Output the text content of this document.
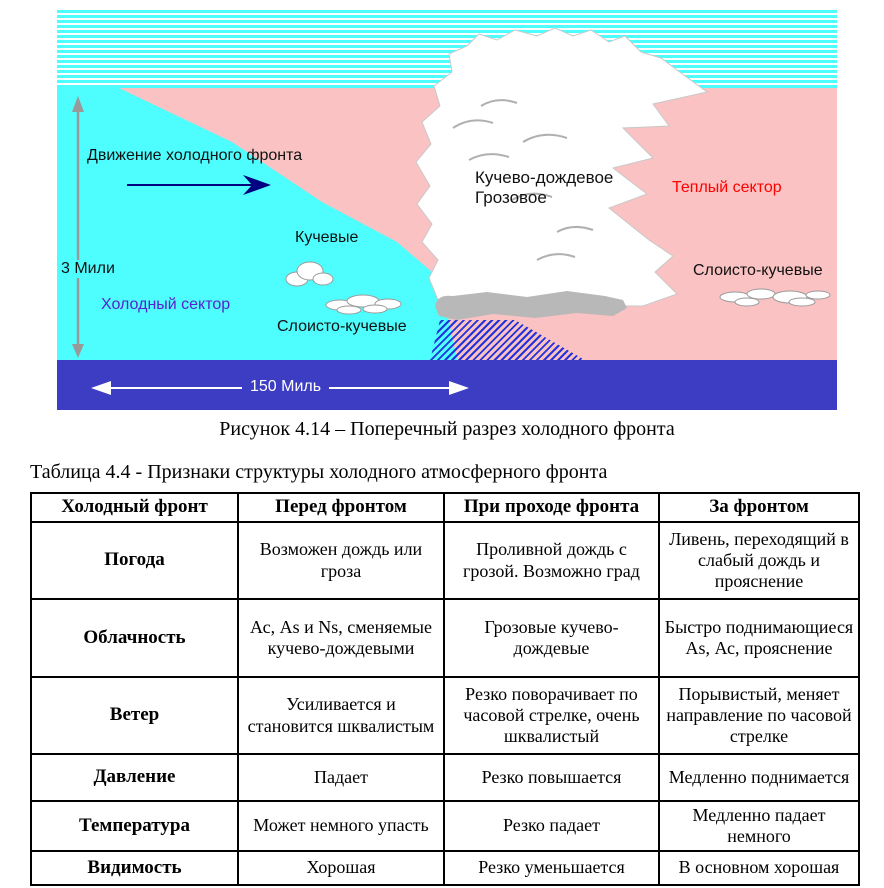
Движение холодного фронта
3 Мили
Холодный сектор
Кучевые
Слоисто-кучевые
Кучево-дождевое
Грозовое
Теплый сектор
Слоисто-кучевые
150 Миль
Рисунок 4.14 – Поперечный разрез холодного фронта
Таблица 4.4 - Признаки структуры холодного атмосферного фронта
Холодный фронт	Перед фронтом	При проходе фронта	За фронтом
Погода	Возможен дождь или гроза	Проливной дождь с грозой. Возможно град	Ливень, переходящий в слабый дождь и прояснение
Облачность	Ас, As и Ns, сменяемые кучево-дождевыми	Грозовые кучево-дождевые	Быстро поднимающиеся As, Ас, прояснение
Ветер	Усиливается и становится шквалистым	Резко поворачивает по часовой стрелке, очень шквалистый	Порывистый, меняет направление по часовой стрелке
Давление	Падает	Резко повышается	Медленно поднимается
Температура	Может немного упасть	Резко падает	Медленно падает немного
Видимость	Хорошая	Резко уменьшается	В основном хорошая
